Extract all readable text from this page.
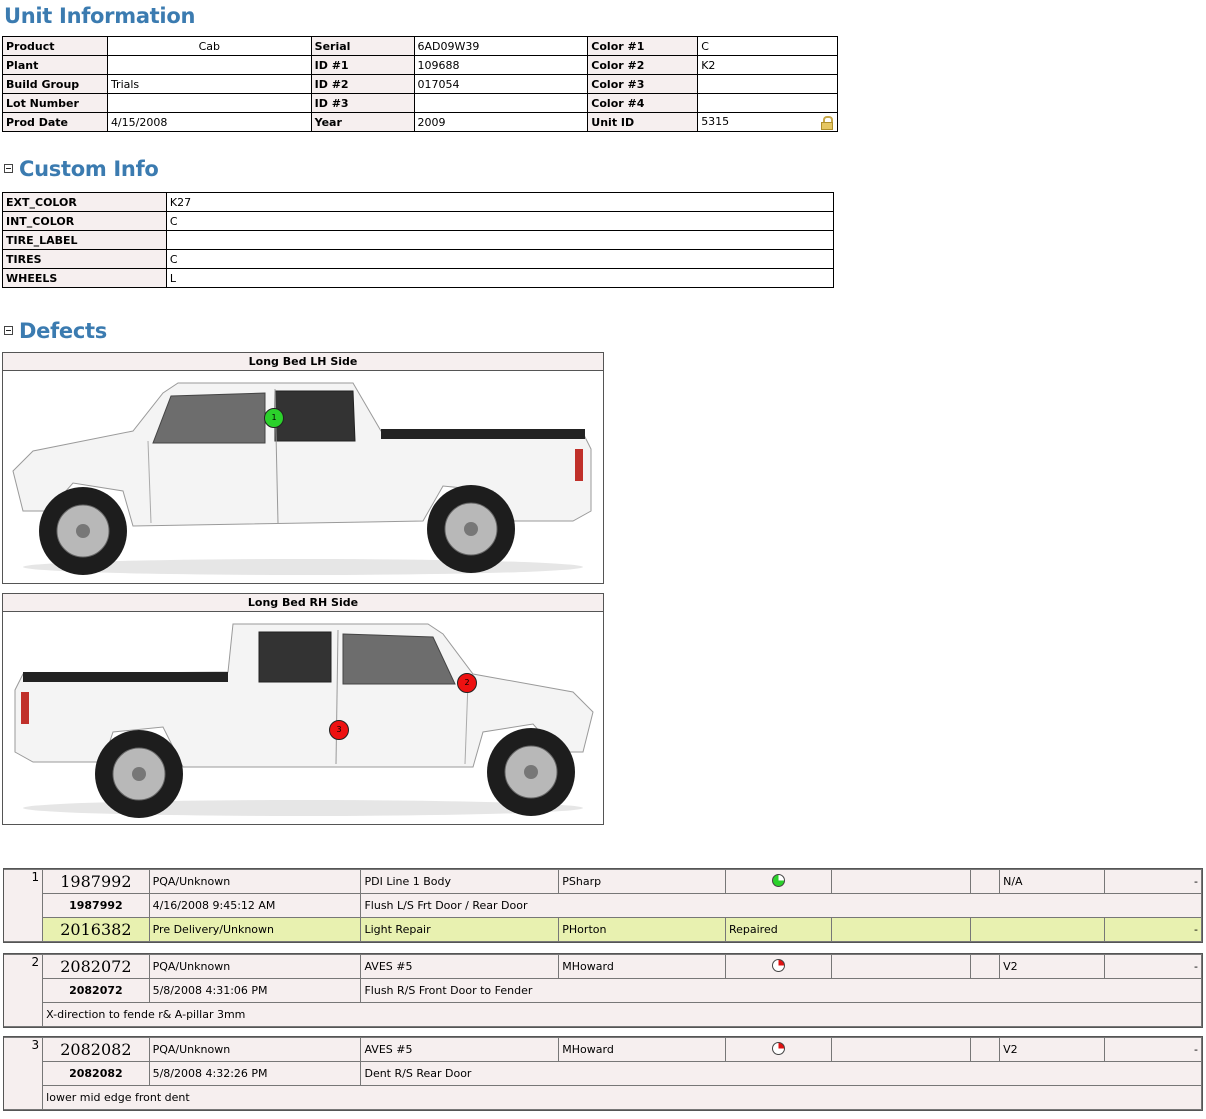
Unit Information
Product	Cab	Serial	6AD09W39	Color #1	C
Plant		ID #1	109688	Color #2	K2
Build Group	Trials	ID #2	017054	Color #3	
Lot Number		ID #3		Color #4	
Prod Date	4/15/2008	Year	2009	Unit ID	5315
Custom Info
EXT_COLOR	K27
INT_COLOR	C
TIRE_LABEL	
TIRES	C
WHEELS	L
Defects
Long Bed LH Side
1
Long Bed RH Side
2
3
1	1987992	PQA/Unknown	PDI Line 1 Body	PSharp				N/A	-
	1987992	4/16/2008 9:45:12 AM	Flush L/S Frt Door / Rear Door						
	2016382	Pre Delivery/Unknown	Light Repair	PHorton	Repaired				-
2	2082072	PQA/Unknown	AVES #5	MHoward				V2	-
	2082072	5/8/2008 4:31:06 PM	Flush R/S Front Door to Fender						
	X-direction to fende r& A-pillar 3mm								
3	2082082	PQA/Unknown	AVES #5	MHoward				V2	-
	2082082	5/8/2008 4:32:26 PM	Dent R/S Rear Door						
	lower mid edge front dent								
